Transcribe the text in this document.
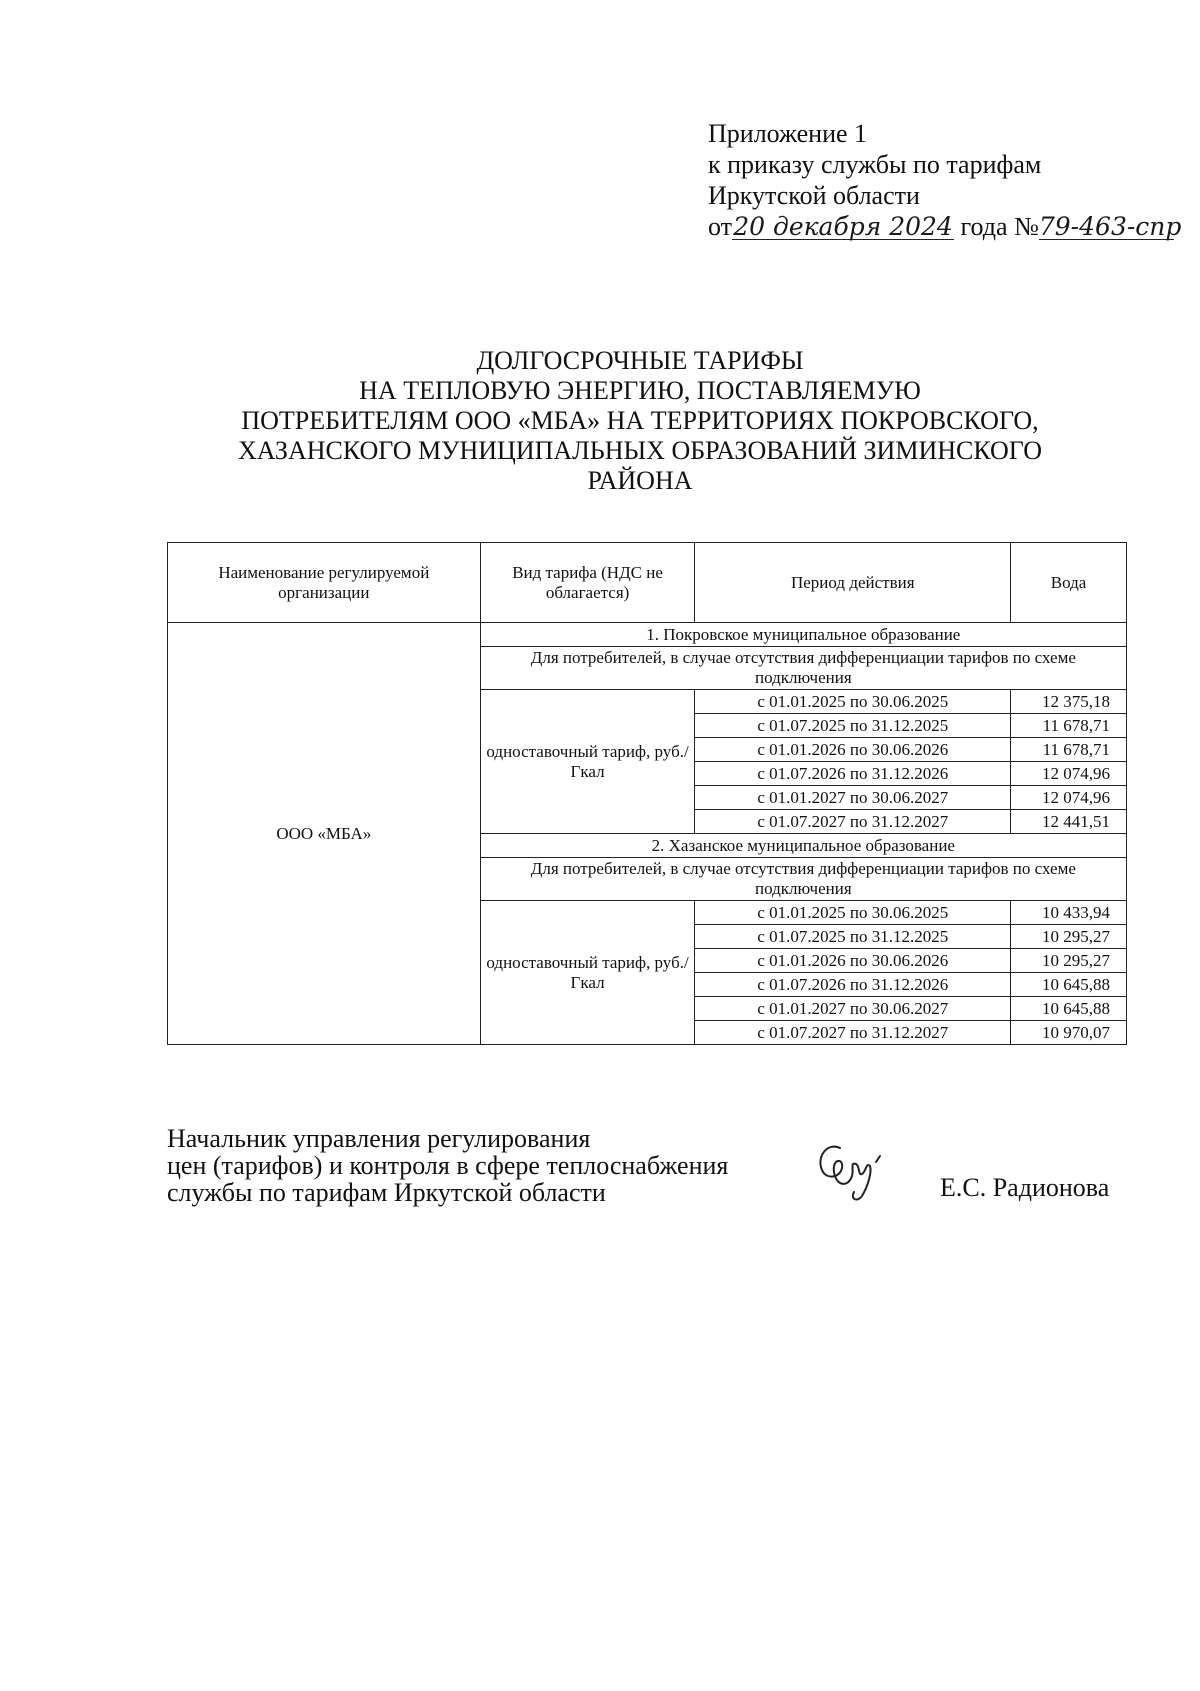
Приложение 1
к приказу службы по тарифам
Иркутской области
от20 декабря 2024 года №79-463-спр
ДОЛГОСРОЧНЫЕ ТАРИФЫ
НА ТЕПЛОВУЮ ЭНЕРГИЮ, ПОСТАВЛЯЕМУЮ
ПОТРЕБИТЕЛЯМ ООО «МБА» НА ТЕРРИТОРИЯХ ПОКРОВСКОГО,
ХАЗАНСКОГО МУНИЦИПАЛЬНЫХ ОБРАЗОВАНИЙ ЗИМИНСКОГО
РАЙОНА
Наименование регулируемой организации	Вид тарифа (НДС не облагается)	Период действия	Вода
ООО «МБА»	1. Покровское муниципальное образование		
	Для потребителей, в случае отсутствия дифференциации тарифов по схеме подключения		
	одноставочный тариф, руб./Гкал	с 01.01.2025 по 30.06.2025	12 375,18
		с 01.07.2025 по 31.12.2025	11 678,71
		с 01.01.2026 по 30.06.2026	11 678,71
		с 01.07.2026 по 31.12.2026	12 074,96
		с 01.01.2027 по 30.06.2027	12 074,96
		с 01.07.2027 по 31.12.2027	12 441,51
	2. Хазанское муниципальное образование		
	Для потребителей, в случае отсутствия дифференциации тарифов по схеме подключения		
	одноставочный тариф, руб./Гкал	с 01.01.2025 по 30.06.2025	10 433,94
		с 01.07.2025 по 31.12.2025	10 295,27
		с 01.01.2026 по 30.06.2026	10 295,27
		с 01.07.2026 по 31.12.2026	10 645,88
		с 01.01.2027 по 30.06.2027	10 645,88
		с 01.07.2027 по 31.12.2027	10 970,07
Начальник управления регулирования
цен (тарифов) и контроля в сфере теплоснабжения
службы по тарифам Иркутской области	Е.С. Радионова
